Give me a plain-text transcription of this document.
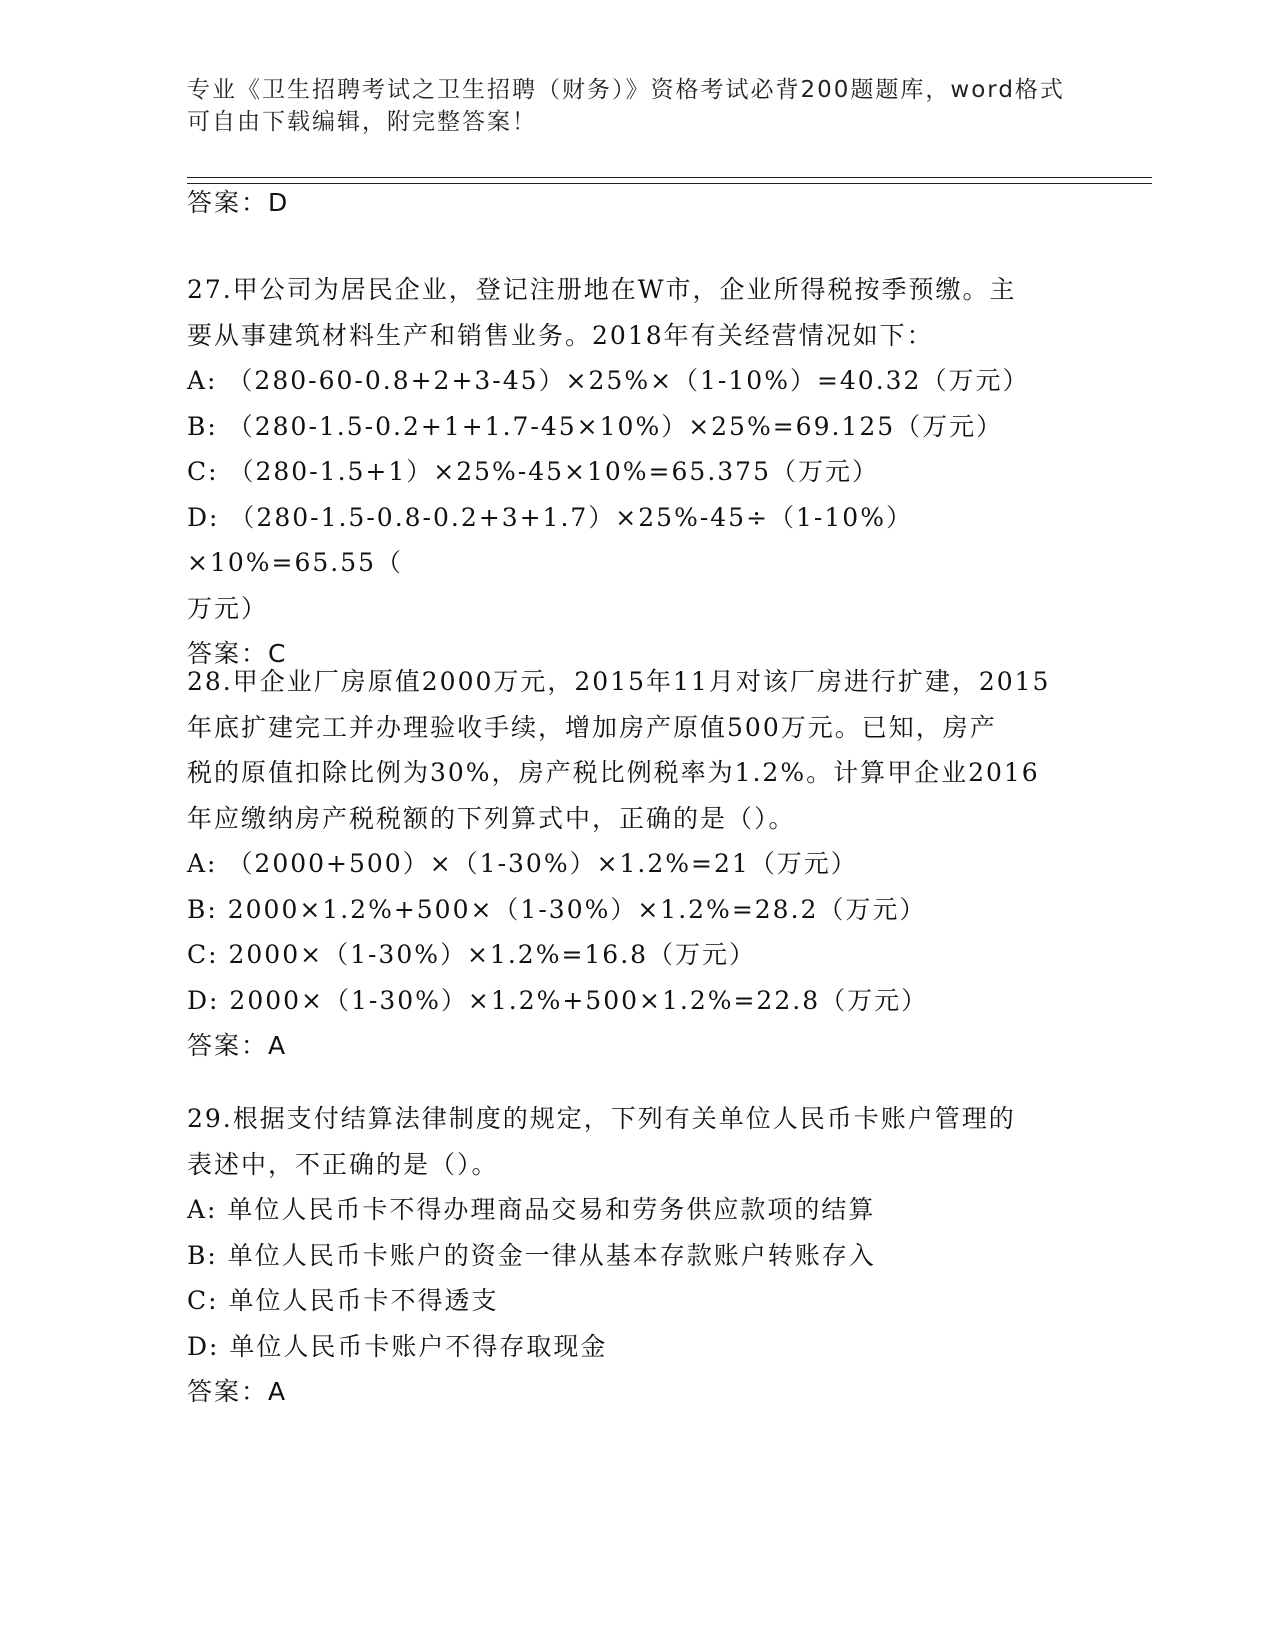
专业《卫生招聘考试之卫生招聘（财务）》资格考试必背200题题库，word格式
可自由下载编辑，附完整答案！
答案：D
27.甲公司为居民企业，登记注册地在W市，企业所得税按季预缴。主
要从事建筑材料生产和销售业务。2018年有关经营情况如下：
A: （280-60-0.8+2+3-45）×25%×（1-10%）=40.32（万元）
B: （280-1.5-0.2+1+1.7-45×10%）×25%=69.125（万元）
C: （280-1.5+1）×25%-45×10%=65.375（万元）
D: （280-1.5-0.8-0.2+3+1.7）×25%-45÷（1-10%）×10%=65.55（
万元）
答案：C
28.甲企业厂房原值2000万元，2015年11月对该厂房进行扩建，2015
年底扩建完工并办理验收手续，增加房产原值500万元。已知，房产
税的原值扣除比例为30%，房产税比例税率为1.2%。计算甲企业2016
年应缴纳房产税税额的下列算式中，正确的是（）。
A: （2000+500）×（1-30%）×1.2%=21（万元）
B: 2000×1.2%+500×（1-30%）×1.2%=28.2（万元）
C: 2000×（1-30%）×1.2%=16.8（万元）
D: 2000×（1-30%）×1.2%+500×1.2%=22.8（万元）
答案：A
29.根据支付结算法律制度的规定，下列有关单位人民币卡账户管理的
表述中，不正确的是（）。
A: 单位人民币卡不得办理商品交易和劳务供应款项的结算
B: 单位人民币卡账户的资金一律从基本存款账户转账存入
C: 单位人民币卡不得透支
D: 单位人民币卡账户不得存取现金
答案：A
